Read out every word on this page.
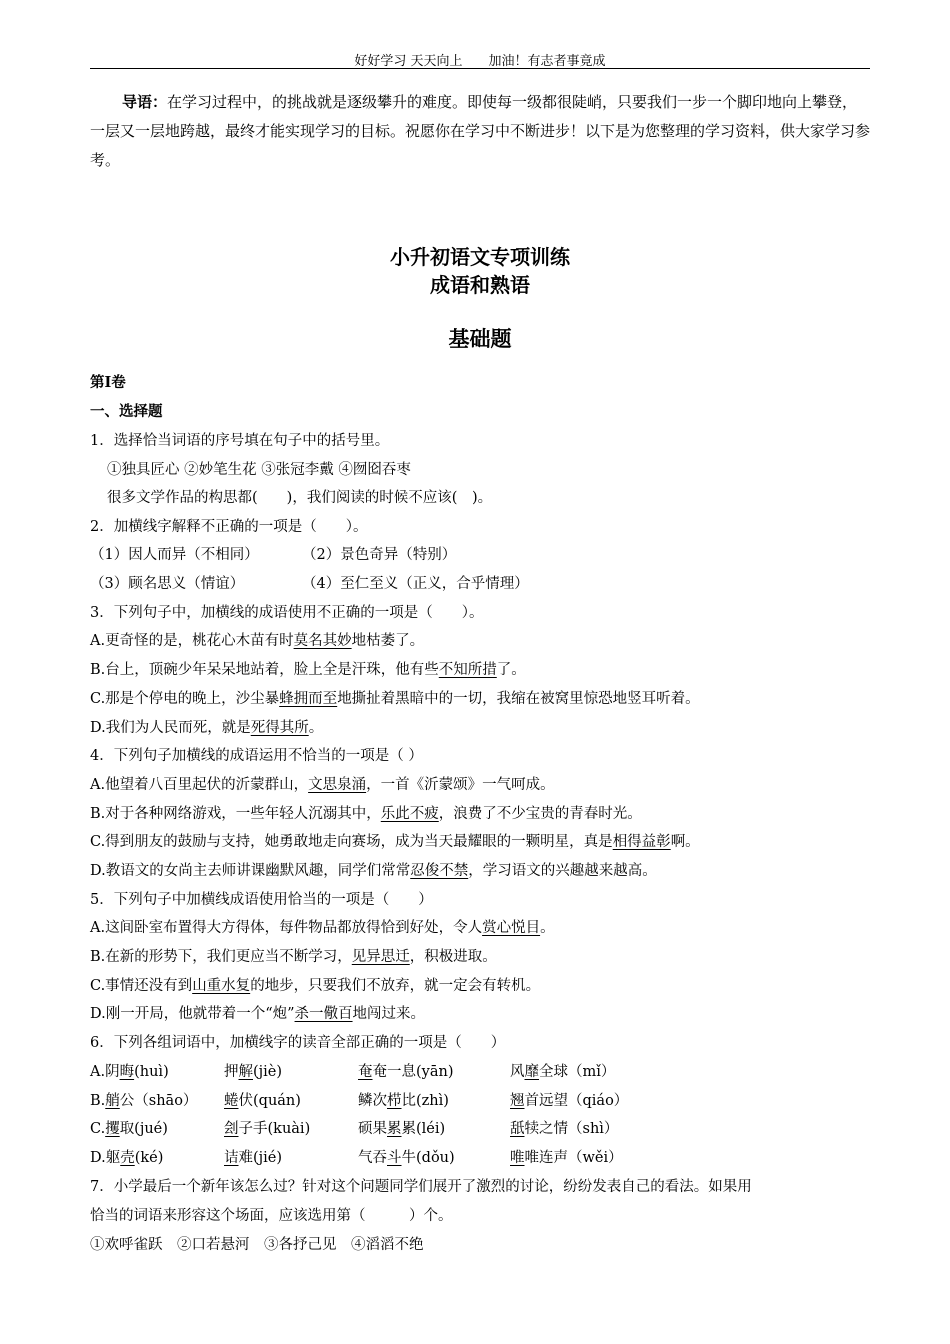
好好学习 天天向上　　加油！有志者事竟成
导语：在学习过程中，的挑战就是逐级攀升的难度。即使每一级都很陡峭，只要我们一步一个脚印地向上攀登，一层又一层地跨越，最终才能实现学习的目标。祝愿你在学习中不断进步！以下是为您整理的学习资料，供大家学习参考。
小升初语文专项训练
成语和熟语
基础题
第Ⅰ卷
一、选择题
1．选择恰当词语的序号填在句子中的括号里。
①独具匠心 ②妙笔生花 ③张冠李戴 ④囫囵吞枣
很多文学作品的构思都(　　)，我们阅读的时候不应该(　)。
2．加横线字解释不正确的一项是（　　）。
（1）因人而异（不相同）	（2）景色奇异（特别）
（3）顾名思义（情谊）	（4）至仁至义（正义，合乎情理）
3．下列句子中，加横线的成语使用不正确的一项是（　　）。
A.更奇怪的是，桃花心木苗有时莫名其妙地枯萎了。
B.台上，顶碗少年呆呆地站着，脸上全是汗珠，他有些不知所措了。
C.那是个停电的晚上，沙尘暴蜂拥而至地撕扯着黑暗中的一切，我缩在被窝里惊恐地竖耳听着。
D.我们为人民而死，就是死得其所。
4．下列句子加横线的成语运用不恰当的一项是（ ）
A.他望着八百里起伏的沂蒙群山，文思泉涌，一首《沂蒙颂》一气呵成。
B.对于各种网络游戏，一些年轻人沉溺其中，乐此不疲，浪费了不少宝贵的青春时光。
C.得到朋友的鼓励与支持，她勇敢地走向赛场，成为当天最耀眼的一颗明星，真是相得益彰啊。
D.教语文的女尚主去师讲课幽默风趣，同学们常常忍俊不禁，学习语文的兴趣越来越高。
5．下列句子中加横线成语使用恰当的一项是（　　）
A.这间卧室布置得大方得体，每件物品都放得恰到好处，令人赏心悦目。
B.在新的形势下，我们更应当不断学习，见异思迁，积极进取。
C.事情还没有到山重水复的地步，只要我们不放弃，就一定会有转机。
D.刚一开局，他就带着一个“炮”杀一儆百地闯过来。
6．下列各组词语中，加横线字的读音全部正确的一项是（　　）
A.阴晦(huì)	押解(jiè)	奄奄一息(yān)	风靡全球（mǐ）
B.艄公（shāo） 蜷伏(quán)	鳞次栉比(zhì)	翘首远望（qiáo）
C.攫取(jué)	刽子手(kuài)	硕果累累(léi)	舐犊之情（shì）
D.躯壳(ké)	诘难(jié)	气吞斗牛(dǒu)	唯唯连声（wěi）
7．小学最后一个新年该怎么过？针对这个问题同学们展开了激烈的讨论，纷纷发表自己的看法。如果用
恰当的词语来形容这个场面，应该选用第（　　　）个。
①欢呼雀跃　②口若悬河　③各抒己见　④滔滔不绝
